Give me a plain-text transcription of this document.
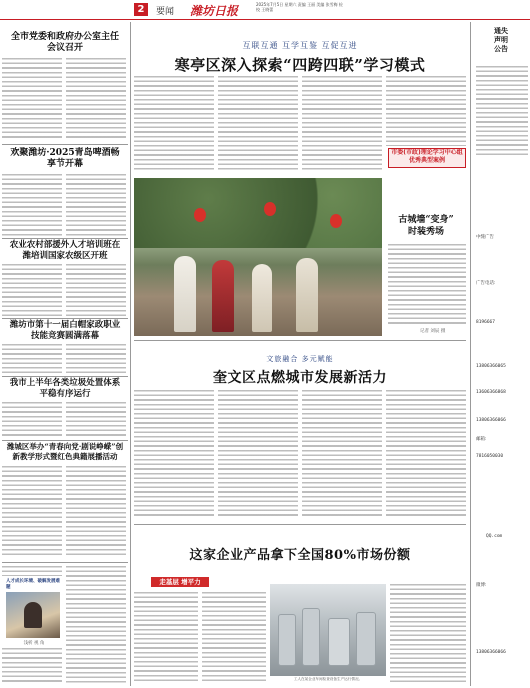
2	要闻 潍坊日报	2025年7月5日 星期六 责编 王丽 美编 张雪梅 检校 王晓蕾
全市党委和政府办公室主任会议召开
欢聚潍坊·2025青岛啤酒畅享节开幕
农业农村部援外人才培训班在潍培训国家农级区开班
潍坊市第十一届白帽家政职业技能竞赛圆满落幕
我市上半年各类垃圾处置体系平稳有序运行
潍城区举办“青春向党·剧说峥嵘”创新教学形式暨红色典籍展播活动
人才成长环境、破解发展难题
浅析 视 角
互联互通 互学互鉴 互促互进
寒亭区深入探索“四跨四联”学习模式
市委(市政)理论学习中心组优秀典型案例
古城墙“变身”
时装秀场
记者 刘辰 摄
文旅融合 多元赋能
奎文区点燃城市发展新活力
这家企业产品拿下全国80%市场份额
走基层 增平力
工人在某企业车间检查设备生产运行情况。
通失
声明
公告
中缝广告
广告电话:
8196667
13806366065
13606366868
13806366066
邮箱:
7816050030
QQ.com
微博:
13806366066
